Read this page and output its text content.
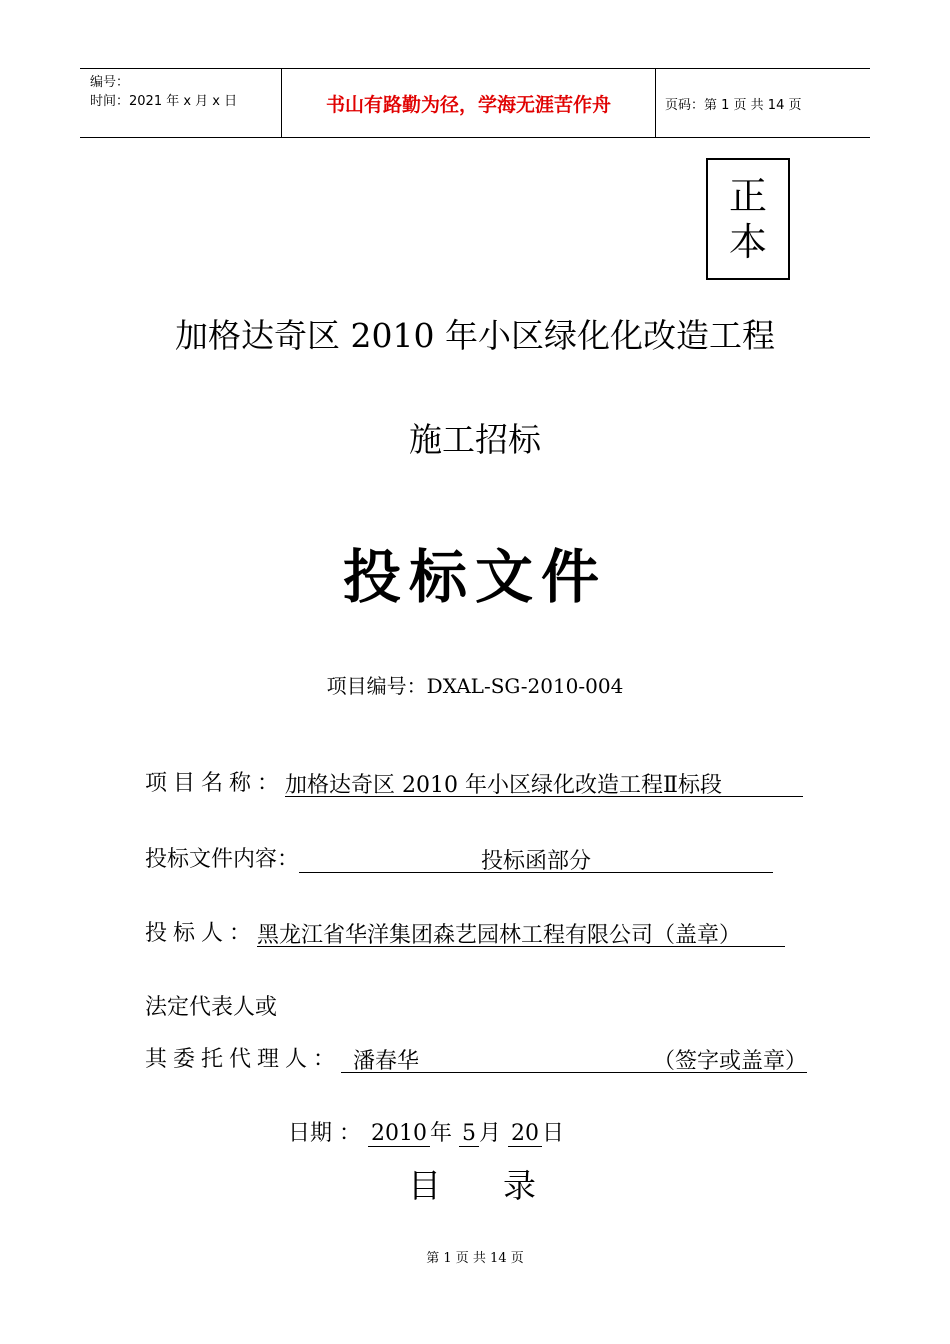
编号：
时间：2021 年 x 月 x 日	书山有路勤为径，学海无涯苦作舟	页码：第 1 页 共 14 页
正
本
加格达奇区 2010 年小区绿化化改造工程
施工招标
投标文件
项目编号：DXAL-SG-2010-004
项目名称：加格达奇区 2010 年小区绿化改造工程Ⅱ标段
投标文件内容：	投标函部分
投标人：黑龙江省华洋集团森艺园林工程有限公司（盖章）
法定代表人或
其委托代理人： 潘春华	（签字或盖章）
日期 ： 2010 年 5 月 20 日
目 录
第 1 页 共 14 页
